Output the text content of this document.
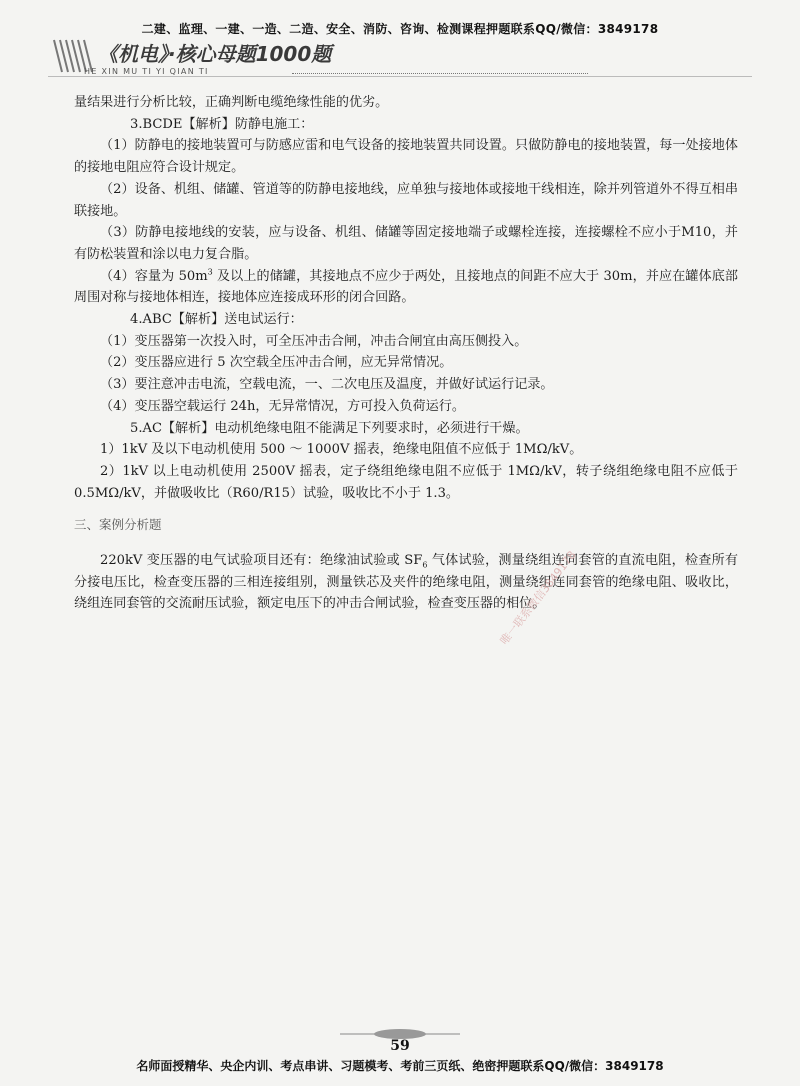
二建、监理、一建、一造、二造、安全、消防、咨询、检测课程押题联系QQ/微信：3849178
《机电》·核心母题1000题
HE XIN MU TI YI QIAN TI

量结果进行分析比较，正确判断电缆绝缘性能的优劣。

3.BCDE【解析】防静电施工：

（1）防静电的接地装置可与防感应雷和电气设备的接地装置共同设置。只做防静电的接地装置，每一处接地体的接地电阻应符合设计规定。

（2）设备、机组、储罐、管道等的防静电接地线，应单独与接地体或接地干线相连，除并列管道外不得互相串联接地。

（3）防静电接地线的安装，应与设备、机组、储罐等固定接地端子或螺栓连接，连接螺栓不应小于M10，并有防松装置和涂以电力复合脂。

（4）容量为 $50m^3$ 及以上的储罐，其接地点不应少于两处，且接地点的间距不应大于 30m，并应在罐体底部周围对称与接地体相连，接地体应连接成环形的闭合回路。

4.ABC【解析】送电试运行：

（1）变压器第一次投入时，可全压冲击合闸，冲击合闸宜由高压侧投入。

（2）变压器应进行 5 次空载全压冲击合闸，应无异常情况。

（3）要注意冲击电流，空载电流，一、二次电压及温度，并做好试运行记录。

（4）变压器空载运行 24h，无异常情况，方可投入负荷运行。

5.AC【解析】电动机绝缘电阻不能满足下列要求时，必须进行干燥。

1）1kV 及以下电动机使用 500 ～ 1000V 摇表，绝缘电阻值不应低于 1MΩ/kV。

2）1kV 以上电动机使用 2500V 摇表，定子绕组绝缘电阻不应低于 1MΩ/kV，转子绕组绝缘电阻不应低于 0.5MΩ/kV，并做吸收比（R60/R15）试验，吸收比不小于 1.3。

三、案例分析题

220kV 变压器的电气试验项目还有：绝缘油试验或 $SF_6$ 气体试验，测量绕组连同套管的直流电阻，检查所有分接电压比，检查变压器的三相连接组别，测量铁芯及夹件的绝缘电阻，测量绕组连同套管的绝缘电阻、吸收比，绕组连同套管的交流耐压试验，额定电压下的冲击合闸试验，检查变压器的相位。

唯一联系微信3849178
59
名师面授精华、央企内训、考点串讲、习题模考、考前三页纸、绝密押题联系QQ/微信：3849178
